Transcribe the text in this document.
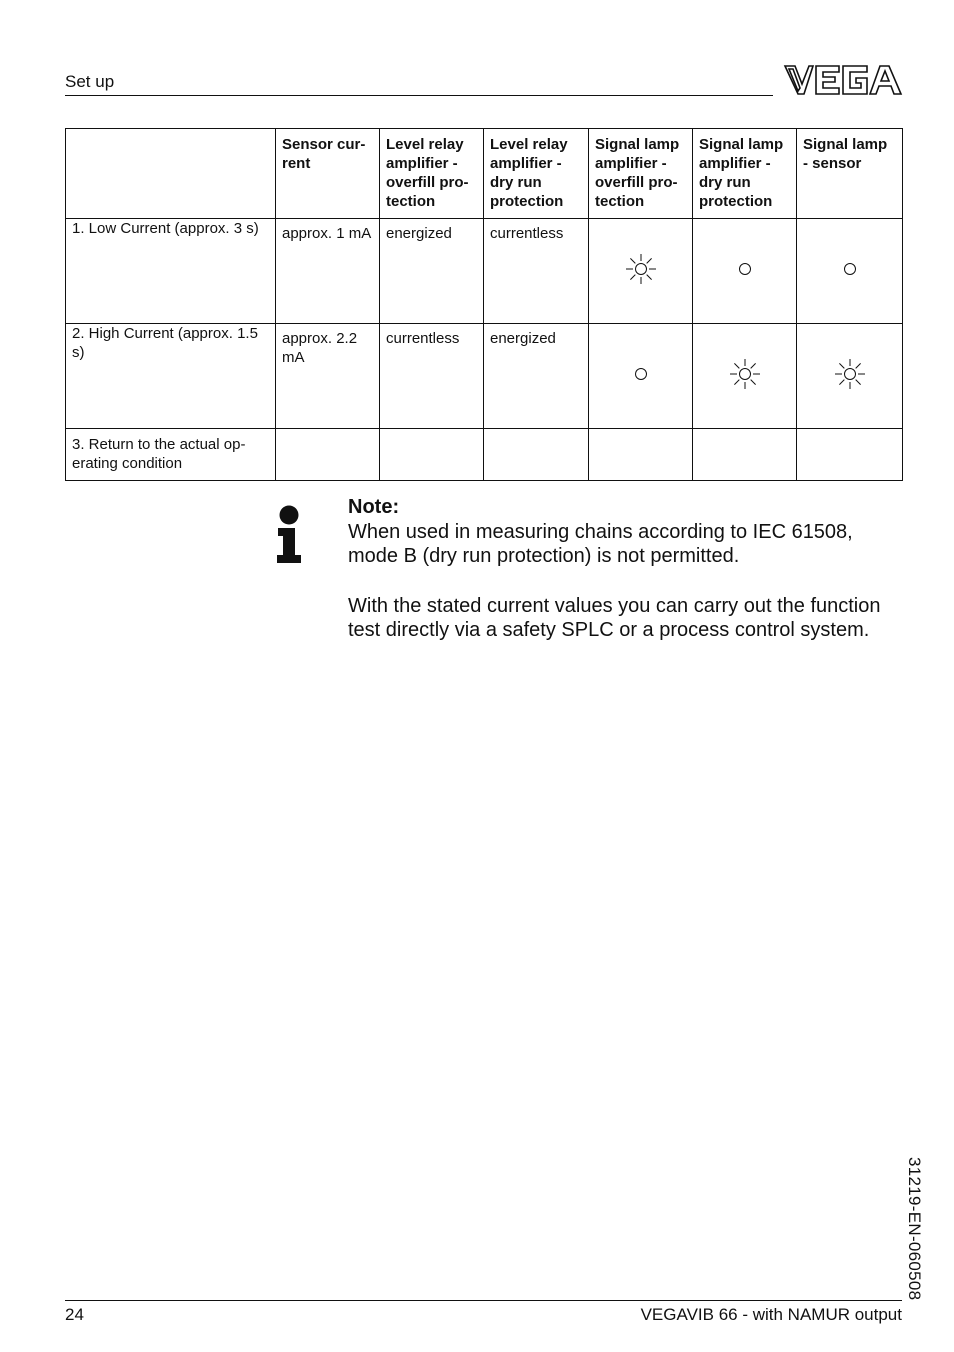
Set up
	Sensor cur-rent	Level relay amplifier - overfill pro-tection	Level relay amplifier - dry run protection	Signal lamp amplifier - overfill pro-tection	Signal lamp amplifier - dry run protection	Signal lamp - sensor
1. Low Current (approx. 3 s)	approx. 1 mA	energized	currentless			
2. High Current (approx. 1.5 s)	approx. 2.2 mA	currentless	energized			
3. Return to the actual op-erating condition						
Note:

When used in measuring chains according to IEC 61508, mode B (dry run protection) is not permitted.

With the stated current values you can carry out the function test directly via a safety SPLC or a process control system.

31219-EN-060508
24	VEGAVIB 66 - with NAMUR output
